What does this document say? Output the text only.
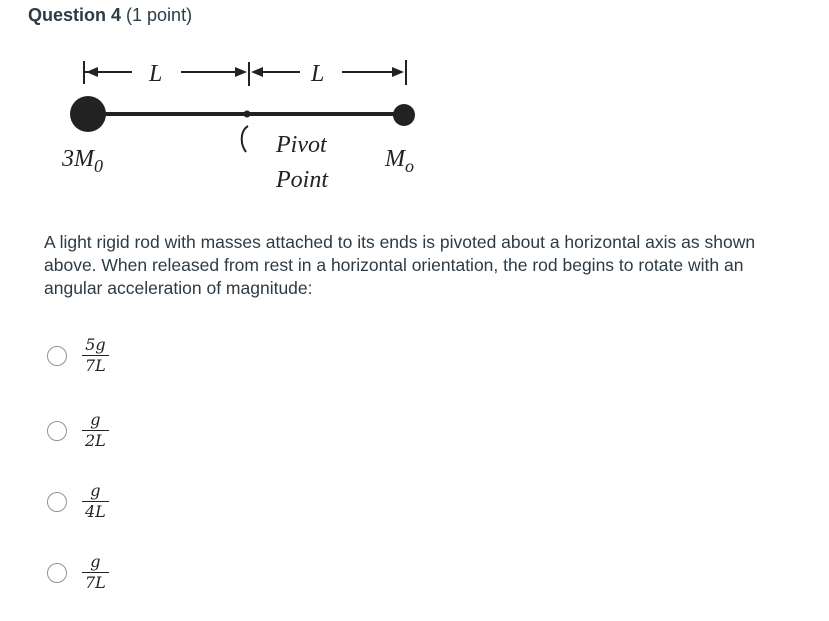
Question 4 (1 point)
L	L
$3M_0$	$M_o$
Pivot
Point
A light rigid rod with masses attached to its ends is pivoted about a horizontal axis as shown above. When released from rest in a horizontal orientation, the rod begins to rotate with an angular acceleration of magnitude:
$\frac{5g}{7L}$
$\frac{g}{2L}$
$\frac{g}{4L}$
$\frac{g}{7L}$
